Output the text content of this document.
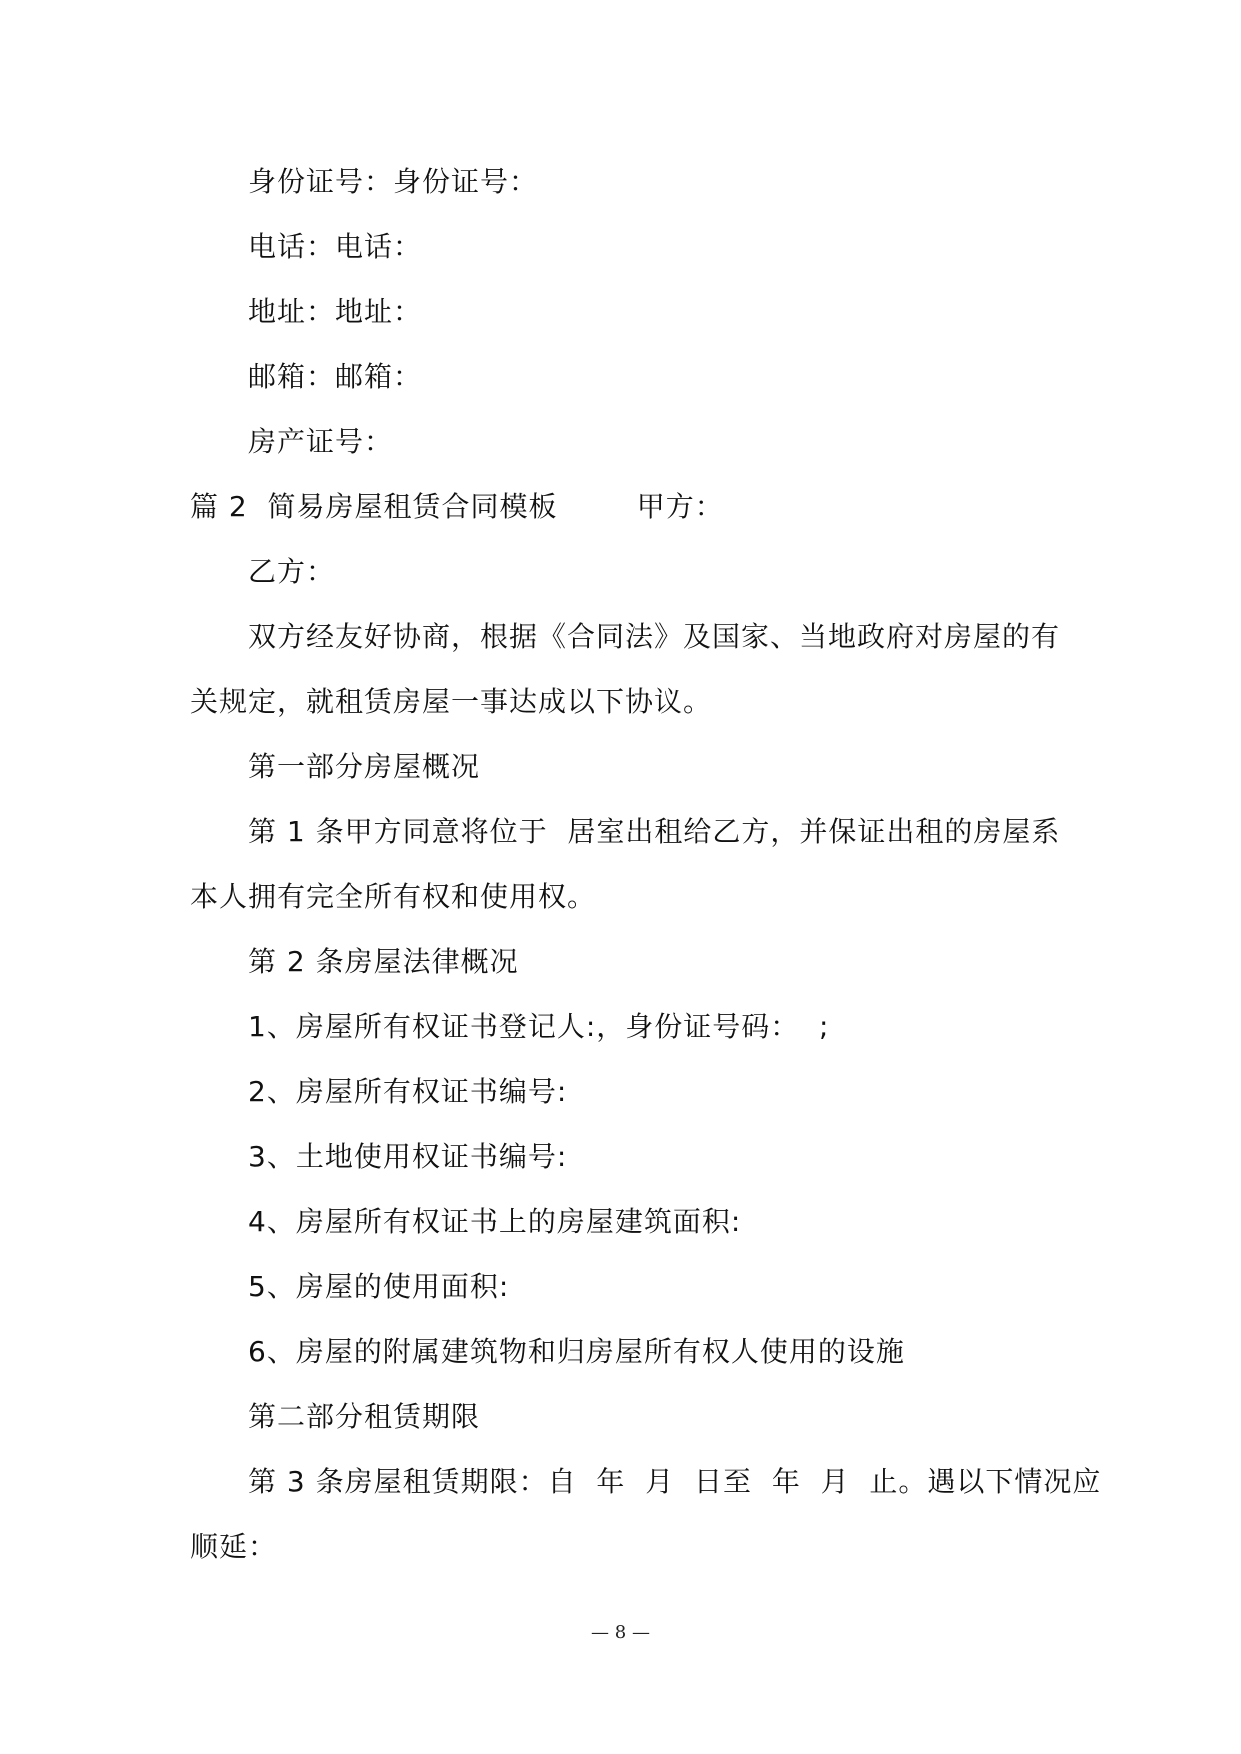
身份证号：身份证号：
电话：电话：
地址：地址：
邮箱：邮箱：
房产证号：
篇 2  简易房屋租赁合同模板        甲方：
乙方：
双方经友好协商，根据《合同法》及国家、当地政府对房屋的有
关规定，就租赁房屋一事达成以下协议。
第一部分房屋概况
第 1 条甲方同意将位于  居室出租给乙方，并保证出租的房屋系
本人拥有完全所有权和使用权。
第 2 条房屋法律概况
1、房屋所有权证书登记人:，身份证号码：  ;
2、房屋所有权证书编号:
3、土地使用权证书编号:
4、房屋所有权证书上的房屋建筑面积:
5、房屋的使用面积:
6、房屋的附属建筑物和归房屋所有权人使用的设施
第二部分租赁期限
第 3 条房屋租赁期限：自  年  月  日至  年  月  止。遇以下情况应
顺延：
— 8 —
